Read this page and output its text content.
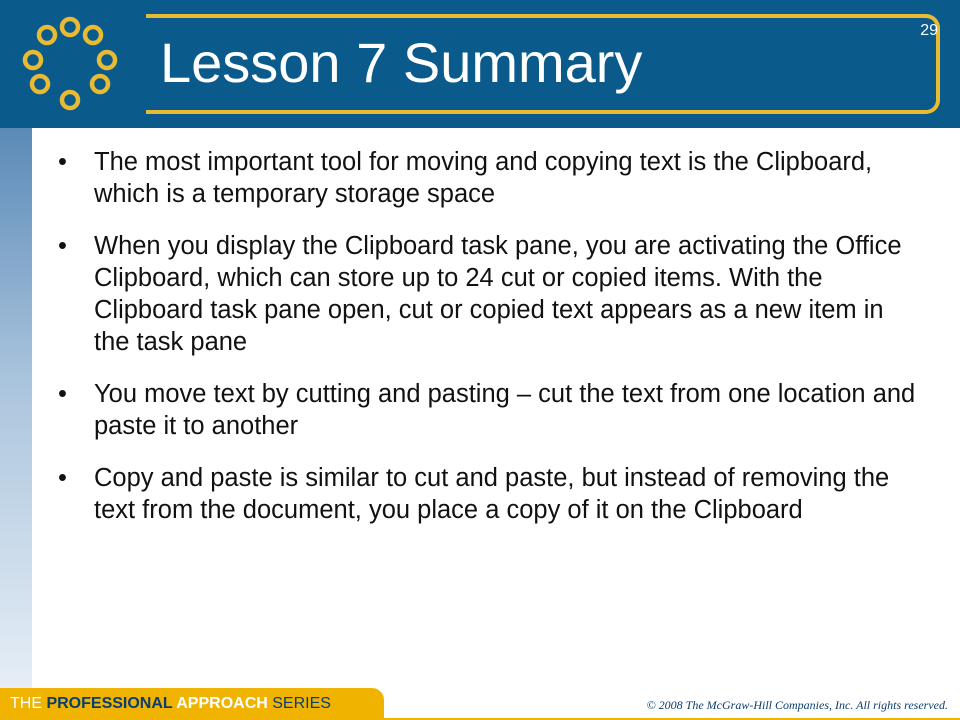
Lesson 7 Summary
29
• The most important tool for moving and copying text is the Clipboard, which is a temporary storage space
• When you display the Clipboard task pane, you are activating the Office Clipboard, which can store up to 24 cut or copied items. With the Clipboard task pane open, cut or copied text appears as a new item in the task pane
• You move text by cutting and pasting – cut the text from one location and paste it to another
• Copy and paste is similar to cut and paste, but instead of removing the text from the document, you place a copy of it on the Clipboard
THE PROFESSIONAL APPROACH SERIES	© 2008 The McGraw-Hill Companies, Inc. All rights reserved.
